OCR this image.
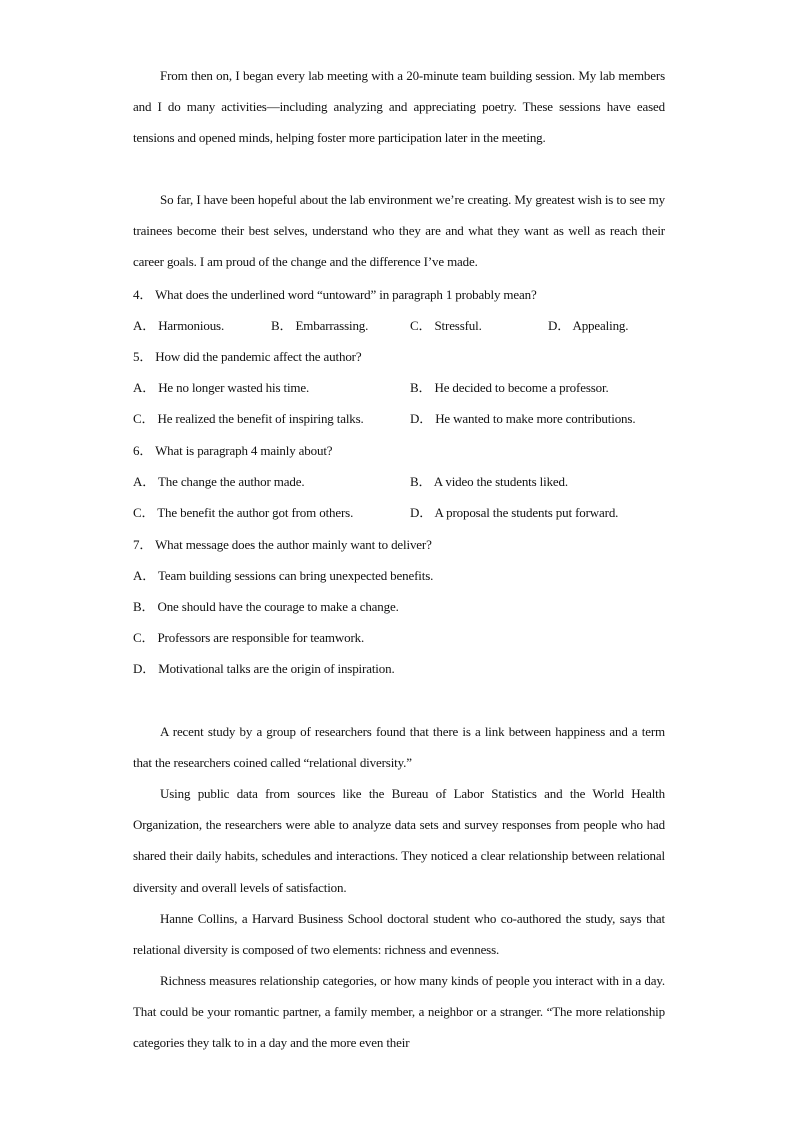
From then on, I began every lab meeting with a 20-minute team building session. My lab members and I do many activities—including analyzing and appreciating poetry. These sessions have eased tensions and opened minds, helping foster more participation later in the meeting.
So far, I have been hopeful about the lab environment we’re creating. My greatest wish is to see my trainees become their best selves, understand who they are and what they want as well as reach their career goals. I am proud of the change and the difference I’ve made.
4． What does the underlined word “untoward” in paragraph 1 probably mean?
A． Harmonious.	B． Embarrassing.	C． Stressful.	D． Appealing.
5． How did the pandemic affect the author?
A． He no longer wasted his time.	B． He decided to become a professor.
C． He realized the benefit of inspiring talks.	D． He wanted to make more contributions.
6． What is paragraph 4 mainly about?
A． The change the author made.	B． A video the students liked.
C． The benefit the author got from others.	D． A proposal the students put forward.
7． What message does the author mainly want to deliver?
A． Team building sessions can bring unexpected benefits.
B． One should have the courage to make a change.
C． Professors are responsible for teamwork.
D． Motivational talks are the origin of inspiration.
A recent study by a group of researchers found that there is a link between happiness and a term that the researchers coined called “relational diversity.”
Using public data from sources like the Bureau of Labor Statistics and the World Health Organization, the researchers were able to analyze data sets and survey responses from people who had shared their daily habits, schedules and interactions. They noticed a clear relationship between relational diversity and overall levels of satisfaction.
Hanne Collins, a Harvard Business School doctoral student who co-authored the study, says that relational diversity is composed of two elements: richness and evenness.
Richness measures relationship categories, or how many kinds of people you interact with in a day. That could be your romantic partner, a family member, a neighbor or a stranger. “The more relationship categories they talk to in a day and the more even their
